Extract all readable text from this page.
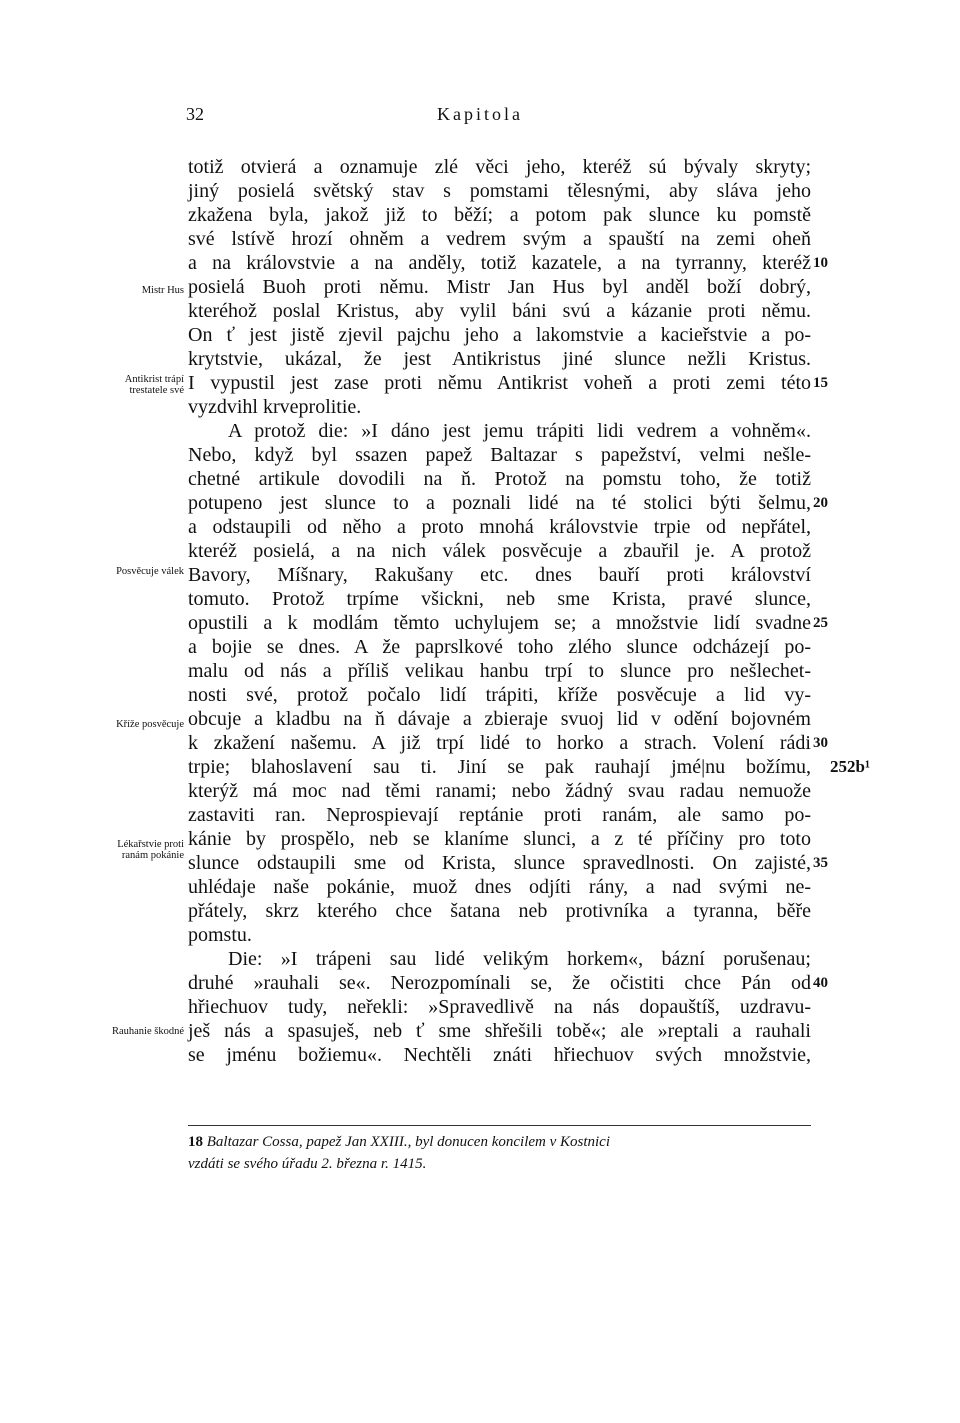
32	Kapitola
totiž otvierá a oznamuje zlé věci jeho, kteréž sú bývaly skryty;
jiný posielá světský stav s pomstami tělesnými, aby sláva jeho
zkažena byla, jakož již to běží; a potom pak slunce ku pomstě
své lstívě hrozí ohněm a vedrem svým a spauští na zemi oheň
a na královstvie a na anděly, totiž kazatele, a na tyrranny, kteréž
posielá Buoh proti němu. Mistr Jan Hus byl anděl boží dobrý,
kteréhož poslal Kristus, aby vylil báni svú a kázanie proti němu.
On ť jest jistě zjevil pajchu jeho a lakomstvie a kacieřstvie a po-
krytstvie, ukázal, že jest Antikristus jiné slunce nežli Kristus.
I vypustil jest zase proti němu Antikrist voheň a proti zemi této
vyzdvihl krveprolitie.
A protož die: »I dáno jest jemu trápiti lidi vedrem a vohněm«.
Nebo, když byl ssazen papež Baltazar s papežství, velmi nešle-
chetné artikule dovodili na ň. Protož na pomstu toho, že totiž
potupeno jest slunce to a poznali lidé na té stolici býti šelmu,
a odstaupili od něho a proto mnohá královstvie trpie od nepřátel,
kteréž posielá, a na nich válek posvěcuje a zbauřil je. A protož
Bavory, Míšnary, Rakušany etc. dnes bauří proti království
tomuto. Protož trpíme všickni, neb sme Krista, pravé slunce,
opustili a k modlám těmto uchylujem se; a množstvie lidí svadne
a bojie se dnes. A že paprslkové toho zlého slunce odcházejí po-
malu od nás a příliš velikau hanbu trpí to slunce pro nešlechet-
nosti své, protož počalo lidí trápiti, kříže posvěcuje a lid vy-
obcuje a kladbu na ň dávaje a zbieraje svuoj lid v odění bojovném
k zkažení našemu. A již trpí lidé to horko a strach. Volení rádi
trpie; blahoslavení sau ti. Jiní se pak rauhají jmé|nu božímu,
kterýž má moc nad těmi ranami; nebo žádný svau radau nemuože
zastaviti ran. Neprospievají reptánie proti ranám, ale samo po-
kánie by prospělo, neb se klaníme slunci, a z té příčiny pro toto
slunce odstaupili sme od Krista, slunce spravedlnosti. On zajisté,
uhlédaje naše pokánie, muož dnes odjíti rány, a nad svými ne-
přátely, skrz kterého chce šatana neb protivníka a tyranna, běře
pomstu.
Die: »I trápeni sau lidé velikým horkem«, bázní porušenau;
druhé »rauhali se«. Nerozpomínali se, že očistiti chce Pán od
hřiechuov tudy, neřekli: »Spravedlivě na nás dopauštíš, uzdravu-
ješ nás a spasuješ, neb ť sme shřešili tobě«; ale »reptali a rauhali
se jménu božiemu«. Nechtěli znáti hřiechuov svých množstvie,
10
15
20
25
30
35
40
Mistr Hus
Antikrist trápí
trestatele své
Posvěcuje válek
Kříže posvěcuje
Lékařstvie proti
ranám pokánie
Rauhanie škodné
252b¹
18 Baltazar Cossa, papež Jan XXIII., byl donucen koncilem v Kostnici
vzdáti se svého úřadu 2. března r. 1415.
